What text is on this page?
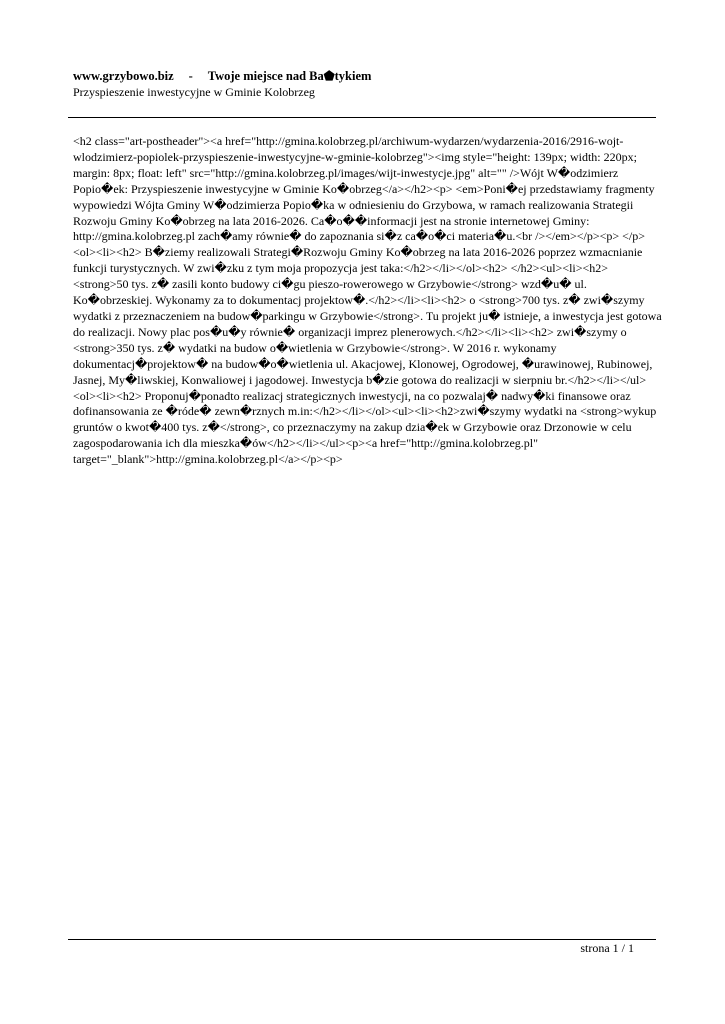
www.grzybowo.biz - Twoje miejsce nad Ba⬟tykiem
Przyspieszenie inwestycyjne w Gminie Kolobrzeg
<h2 class="art-postheader"><a href="http://gmina.kolobrzeg.pl/archiwum-wydarzen/wydarzenia-2016/2916-wojt-wlodzimierz-popiolek-przyspieszenie-inwestycyjne-w-gminie-kolobrzeg"><img style="height: 139px; width: 220px; margin: 8px; float: left" src="http://gmina.kolobrzeg.pl/images/wijt-inwestycje.jpg" alt="" />Wójt W�odzimierz Popio�ek: Przyspieszenie inwestycyjne w Gminie Ko�obrzeg</a></h2><p> <em>Poni�ej przedstawiamy fragmenty wypowiedzi Wójta Gminy W�odzimierza Popio�ka w odniesieniu do Grzybowa, w ramach realizowania Strategii Rozwoju Gminy Ko�obrzeg na lata 2016-2026. Ca�o��informacji jest na stronie internetowej Gminy: http://gmina.kolobrzeg.pl zach�amy równie� do zapoznania si�z ca�o�ci materia�u.<br /></em></p><p> </p><ol><li><h2> B�ziemy realizowali Strategi�Rozwoju Gminy Ko�obrzeg na lata 2016-2026 poprzez wzmacnianie funkcji turystycznych. W zwi�zku z tym moja propozycja jest taka:</h2></li></ol><h2> </h2><ul><li><h2> <strong>50 tys. z� zasili konto budowy ci�gu pieszo-rowerowego w Grzybowie</strong> wzd�u� ul. Ko�obrzeskiej. Wykonamy za to dokumentacj projektow�.</h2></li><li><h2> o <strong>700 tys. z� zwi�szymy wydatki z przeznaczeniem na budow�parkingu w Grzybowie</strong>. Tu projekt ju� istnieje, a inwestycja jest gotowa do realizacji. Nowy plac pos�u�y równie� organizacji imprez plenerowych.</h2></li><li><h2> zwi�szymy o <strong>350 tys. z� wydatki na budow o�wietlenia w Grzybowie</strong>. W 2016 r. wykonamy dokumentacj�projektow� na budow�o�wietlenia ul. Akacjowej, Klonowej, Ogrodowej, �urawinowej, Rubinowej, Jasnej, My�liwskiej, Konwaliowej i jagodowej. Inwestycja b�zie gotowa do realizacji w sierpniu br.</h2></li></ul><ol><li><h2> Proponuj�ponadto realizacj strategicznych inwestycji, na co pozwalaj� nadwy�ki finansowe oraz dofinansowania ze �róde� zewn�rznych m.in:</h2></li></ol><ul><li><h2>zwi�szymy wydatki na <strong>wykup gruntów o kwot�400 tys. z�</strong>, co przeznaczymy na zakup dzia�ek w Grzybowie oraz Drzonowie w celu zagospodarowania ich dla mieszka�ów</h2></li></ul><p><a href="http://gmina.kolobrzeg.pl" target="_blank">http://gmina.kolobrzeg.pl</a></p><p>
strona 1 / 1
